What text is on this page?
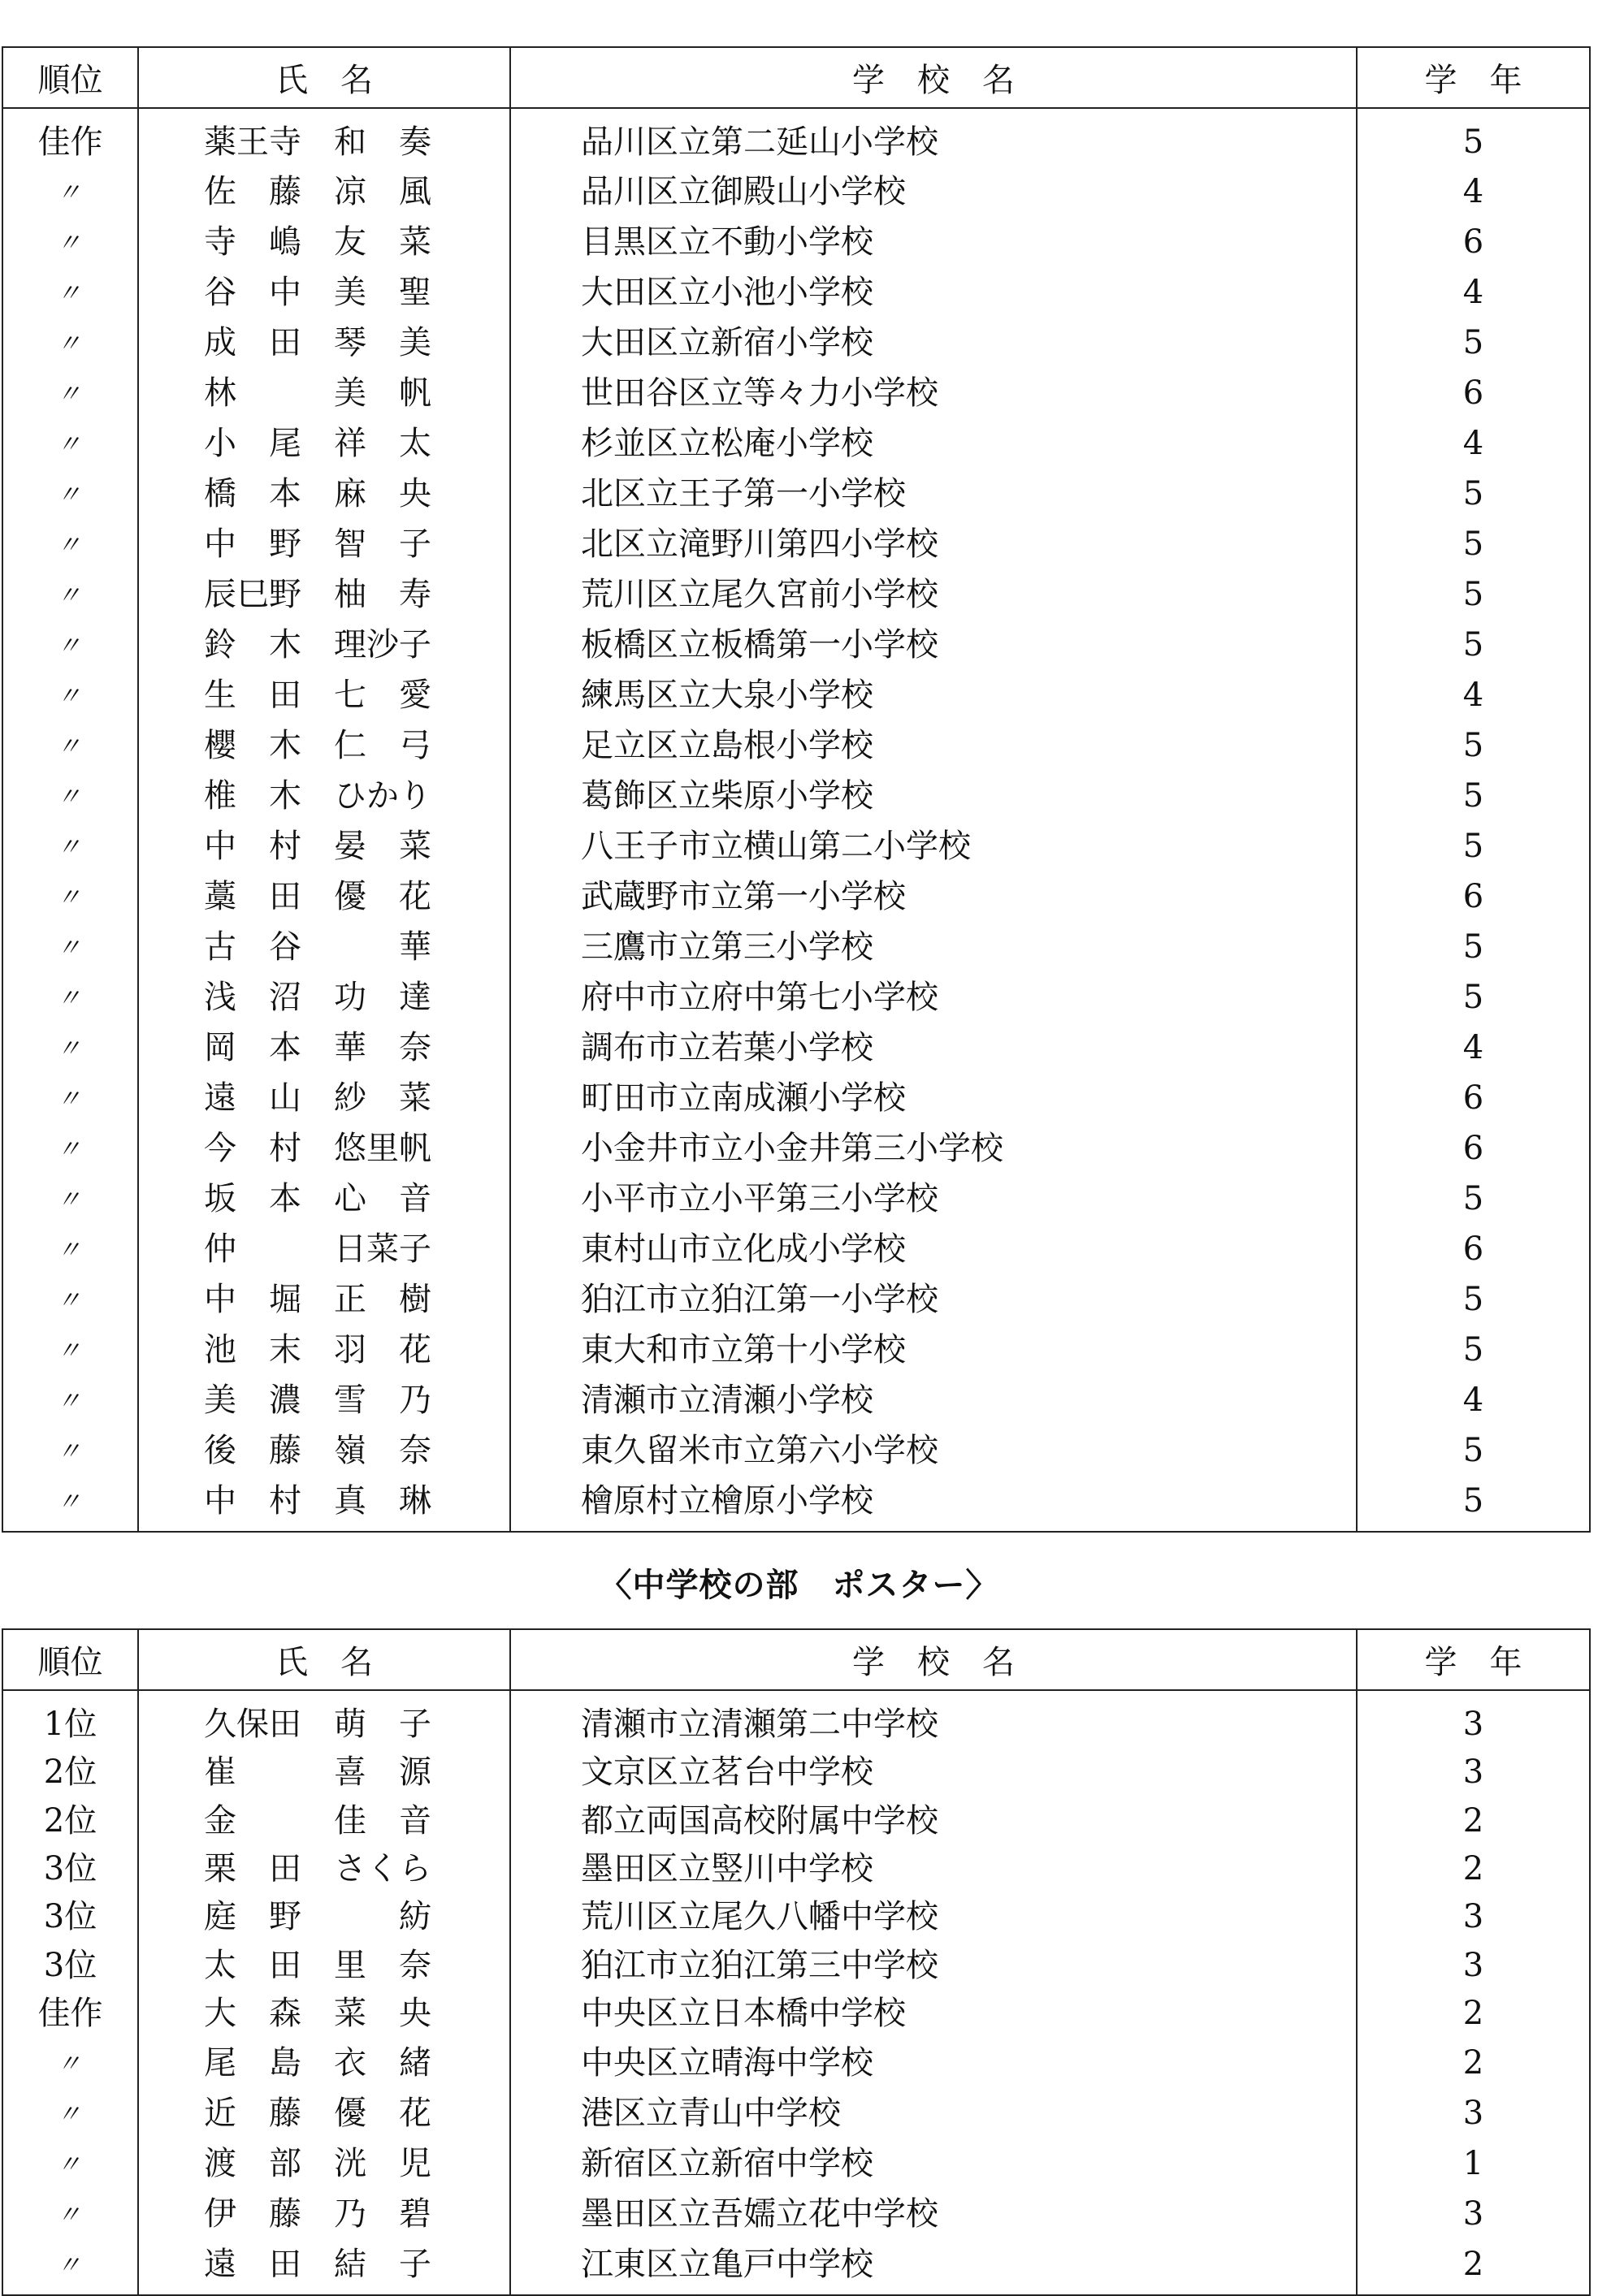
順位	氏　名	学　校　名	学　年
佳作	薬王寺　和　奏	品川区立第二延山小学校	5
〃	佐　藤　凉　風	品川区立御殿山小学校	4
〃	寺　嶋　友　菜	目黒区立不動小学校	6
〃	谷　中　美　聖	大田区立小池小学校	4
〃	成　田　琴　美	大田区立新宿小学校	5
〃	林　　　美　帆	世田谷区立等々力小学校	6
〃	小　尾　祥　太	杉並区立松庵小学校	4
〃	橋　本　麻　央	北区立王子第一小学校	5
〃	中　野　智　子	北区立滝野川第四小学校	5
〃	辰巳野　柚　寿	荒川区立尾久宮前小学校	5
〃	鈴　木　理沙子	板橋区立板橋第一小学校	5
〃	生　田　七　愛	練馬区立大泉小学校	4
〃	櫻　木　仁　弓	足立区立島根小学校	5
〃	椎　木　ひかり	葛飾区立柴原小学校	5
〃	中　村　晏　菜	八王子市立横山第二小学校	5
〃	藁　田　優　花	武蔵野市立第一小学校	6
〃	古　谷　　　華	三鷹市立第三小学校	5
〃	浅　沼　功　達	府中市立府中第七小学校	5
〃	岡　本　華　奈	調布市立若葉小学校	4
〃	遠　山　紗　菜	町田市立南成瀬小学校	6
〃	今　村　悠里帆	小金井市立小金井第三小学校	6
〃	坂　本　心　音	小平市立小平第三小学校	5
〃	仲　　　日菜子	東村山市立化成小学校	6
〃	中　堀　正　樹	狛江市立狛江第一小学校	5
〃	池　末　羽　花	東大和市立第十小学校	5
〃	美　濃　雪　乃	清瀬市立清瀬小学校	4
〃	後　藤　嶺　奈	東久留米市立第六小学校	5
〃	中　村　真　琳	檜原村立檜原小学校	5
〈中学校の部　ポスター〉
順位	氏　名	学　校　名	学　年
1位	久保田　萌　子	清瀬市立清瀬第二中学校	3
2位	崔　　　喜　源	文京区立茗台中学校	3
2位	金　　　佳　音	都立両国高校附属中学校	2
3位	栗　田　さくら	墨田区立竪川中学校	2
3位	庭　野　　　紡	荒川区立尾久八幡中学校	3
3位	太　田　里　奈	狛江市立狛江第三中学校	3
佳作	大　森　菜　央	中央区立日本橋中学校	2
〃	尾　島　衣　緒	中央区立晴海中学校	2
〃	近　藤　優　花	港区立青山中学校	3
〃	渡　部　洸　児	新宿区立新宿中学校	1
〃	伊　藤　乃　碧	墨田区立吾嬬立花中学校	3
〃	遠　田　結　子	江東区立亀戸中学校	2
